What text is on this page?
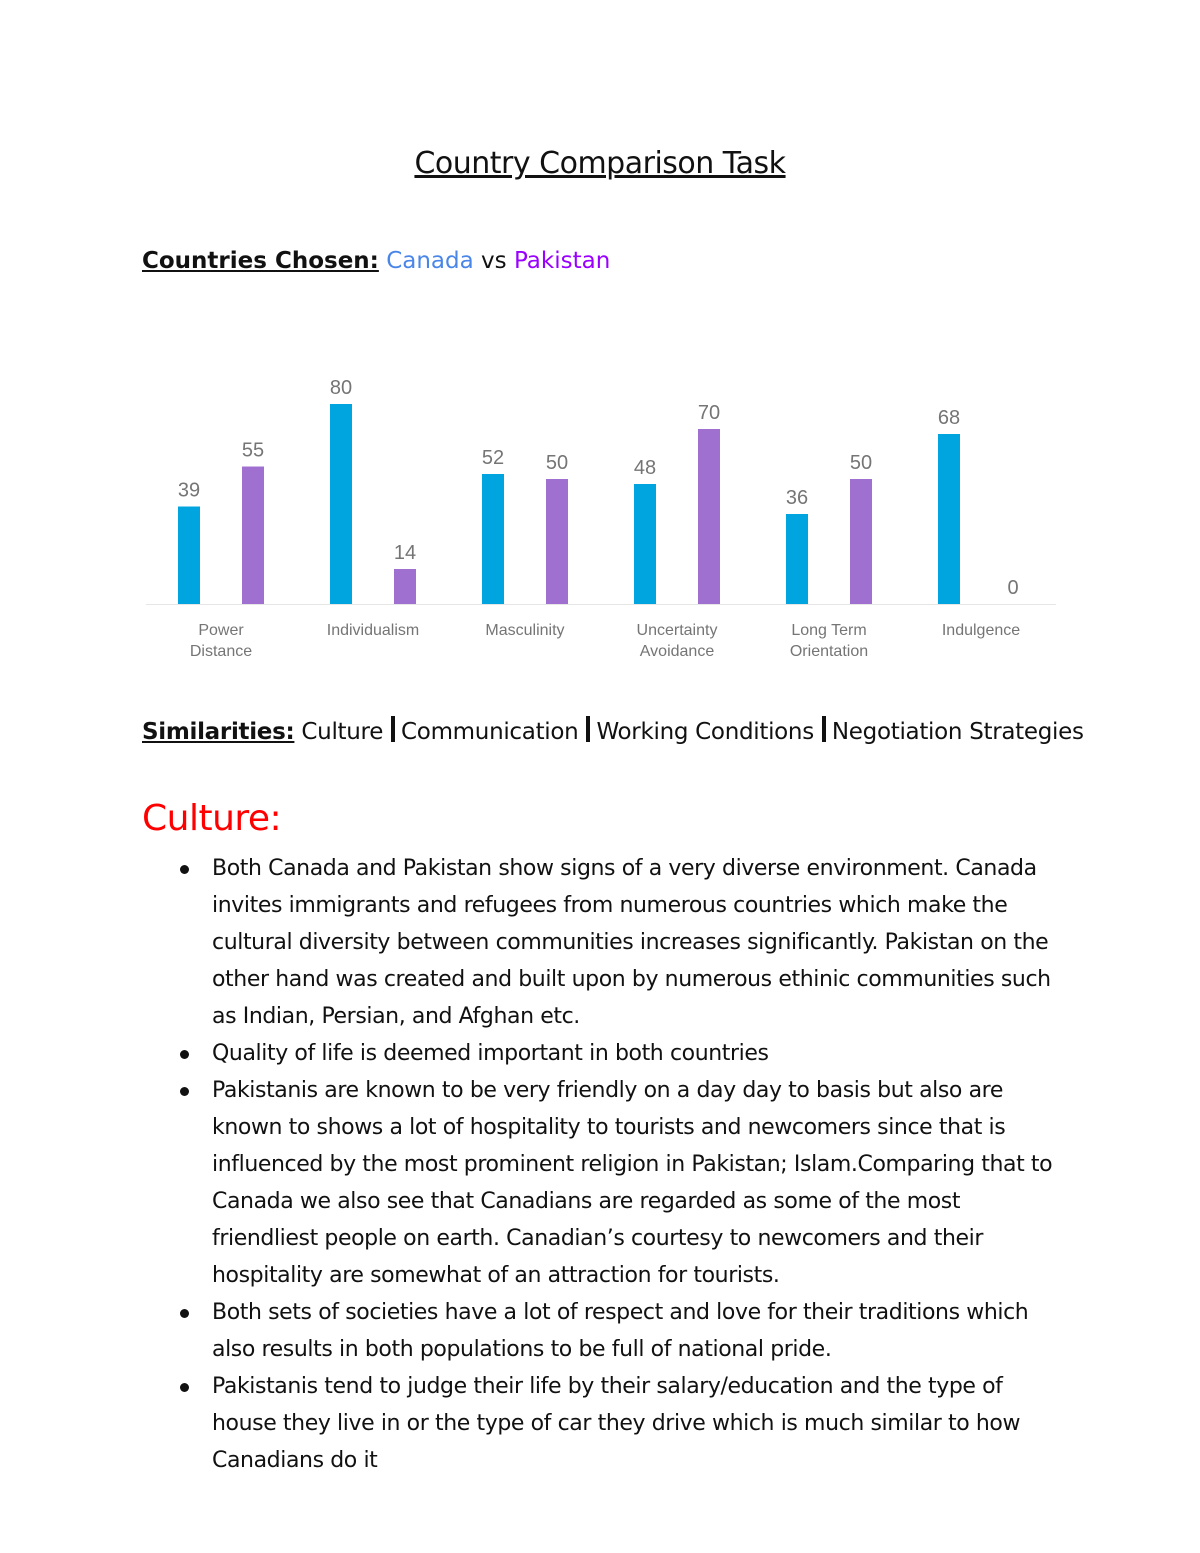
Country Comparison Task
Countries Chosen: Canada vs Pakistan
39
55
Power Distance
80
14
Individualism
52 50
Masculinity
48
70
Uncertainty Avoidance
36
50
Long Term Orientation
68
0
Indulgence
Similarities: Culture Communication Working Conditions Negotiation Strategies
Culture:
Both Canada and Pakistan show signs of a very diverse environment. Canada invites immigrants and refugees from numerous countries which make the cultural diversity between communities increases significantly. Pakistan on the other hand was created and built upon by numerous ethinic communities such as Indian, Persian, and Afghan etc.
Quality of life is deemed important in both countries
Pakistanis are known to be very friendly on a day day to basis but also are known to shows a lot of hospitality to tourists and newcomers since that is influenced by the most prominent religion in Pakistan; Islam.Comparing that to Canada we also see that Canadians are regarded as some of the most friendliest people on earth. Canadian’s courtesy to newcomers and their hospitality are somewhat of an attraction for tourists.
Both sets of societies have a lot of respect and love for their traditions which also results in both populations to be full of national pride.
Pakistanis tend to judge their life by their salary/education and the type of house they live in or the type of car they drive which is much similar to how Canadians do it
